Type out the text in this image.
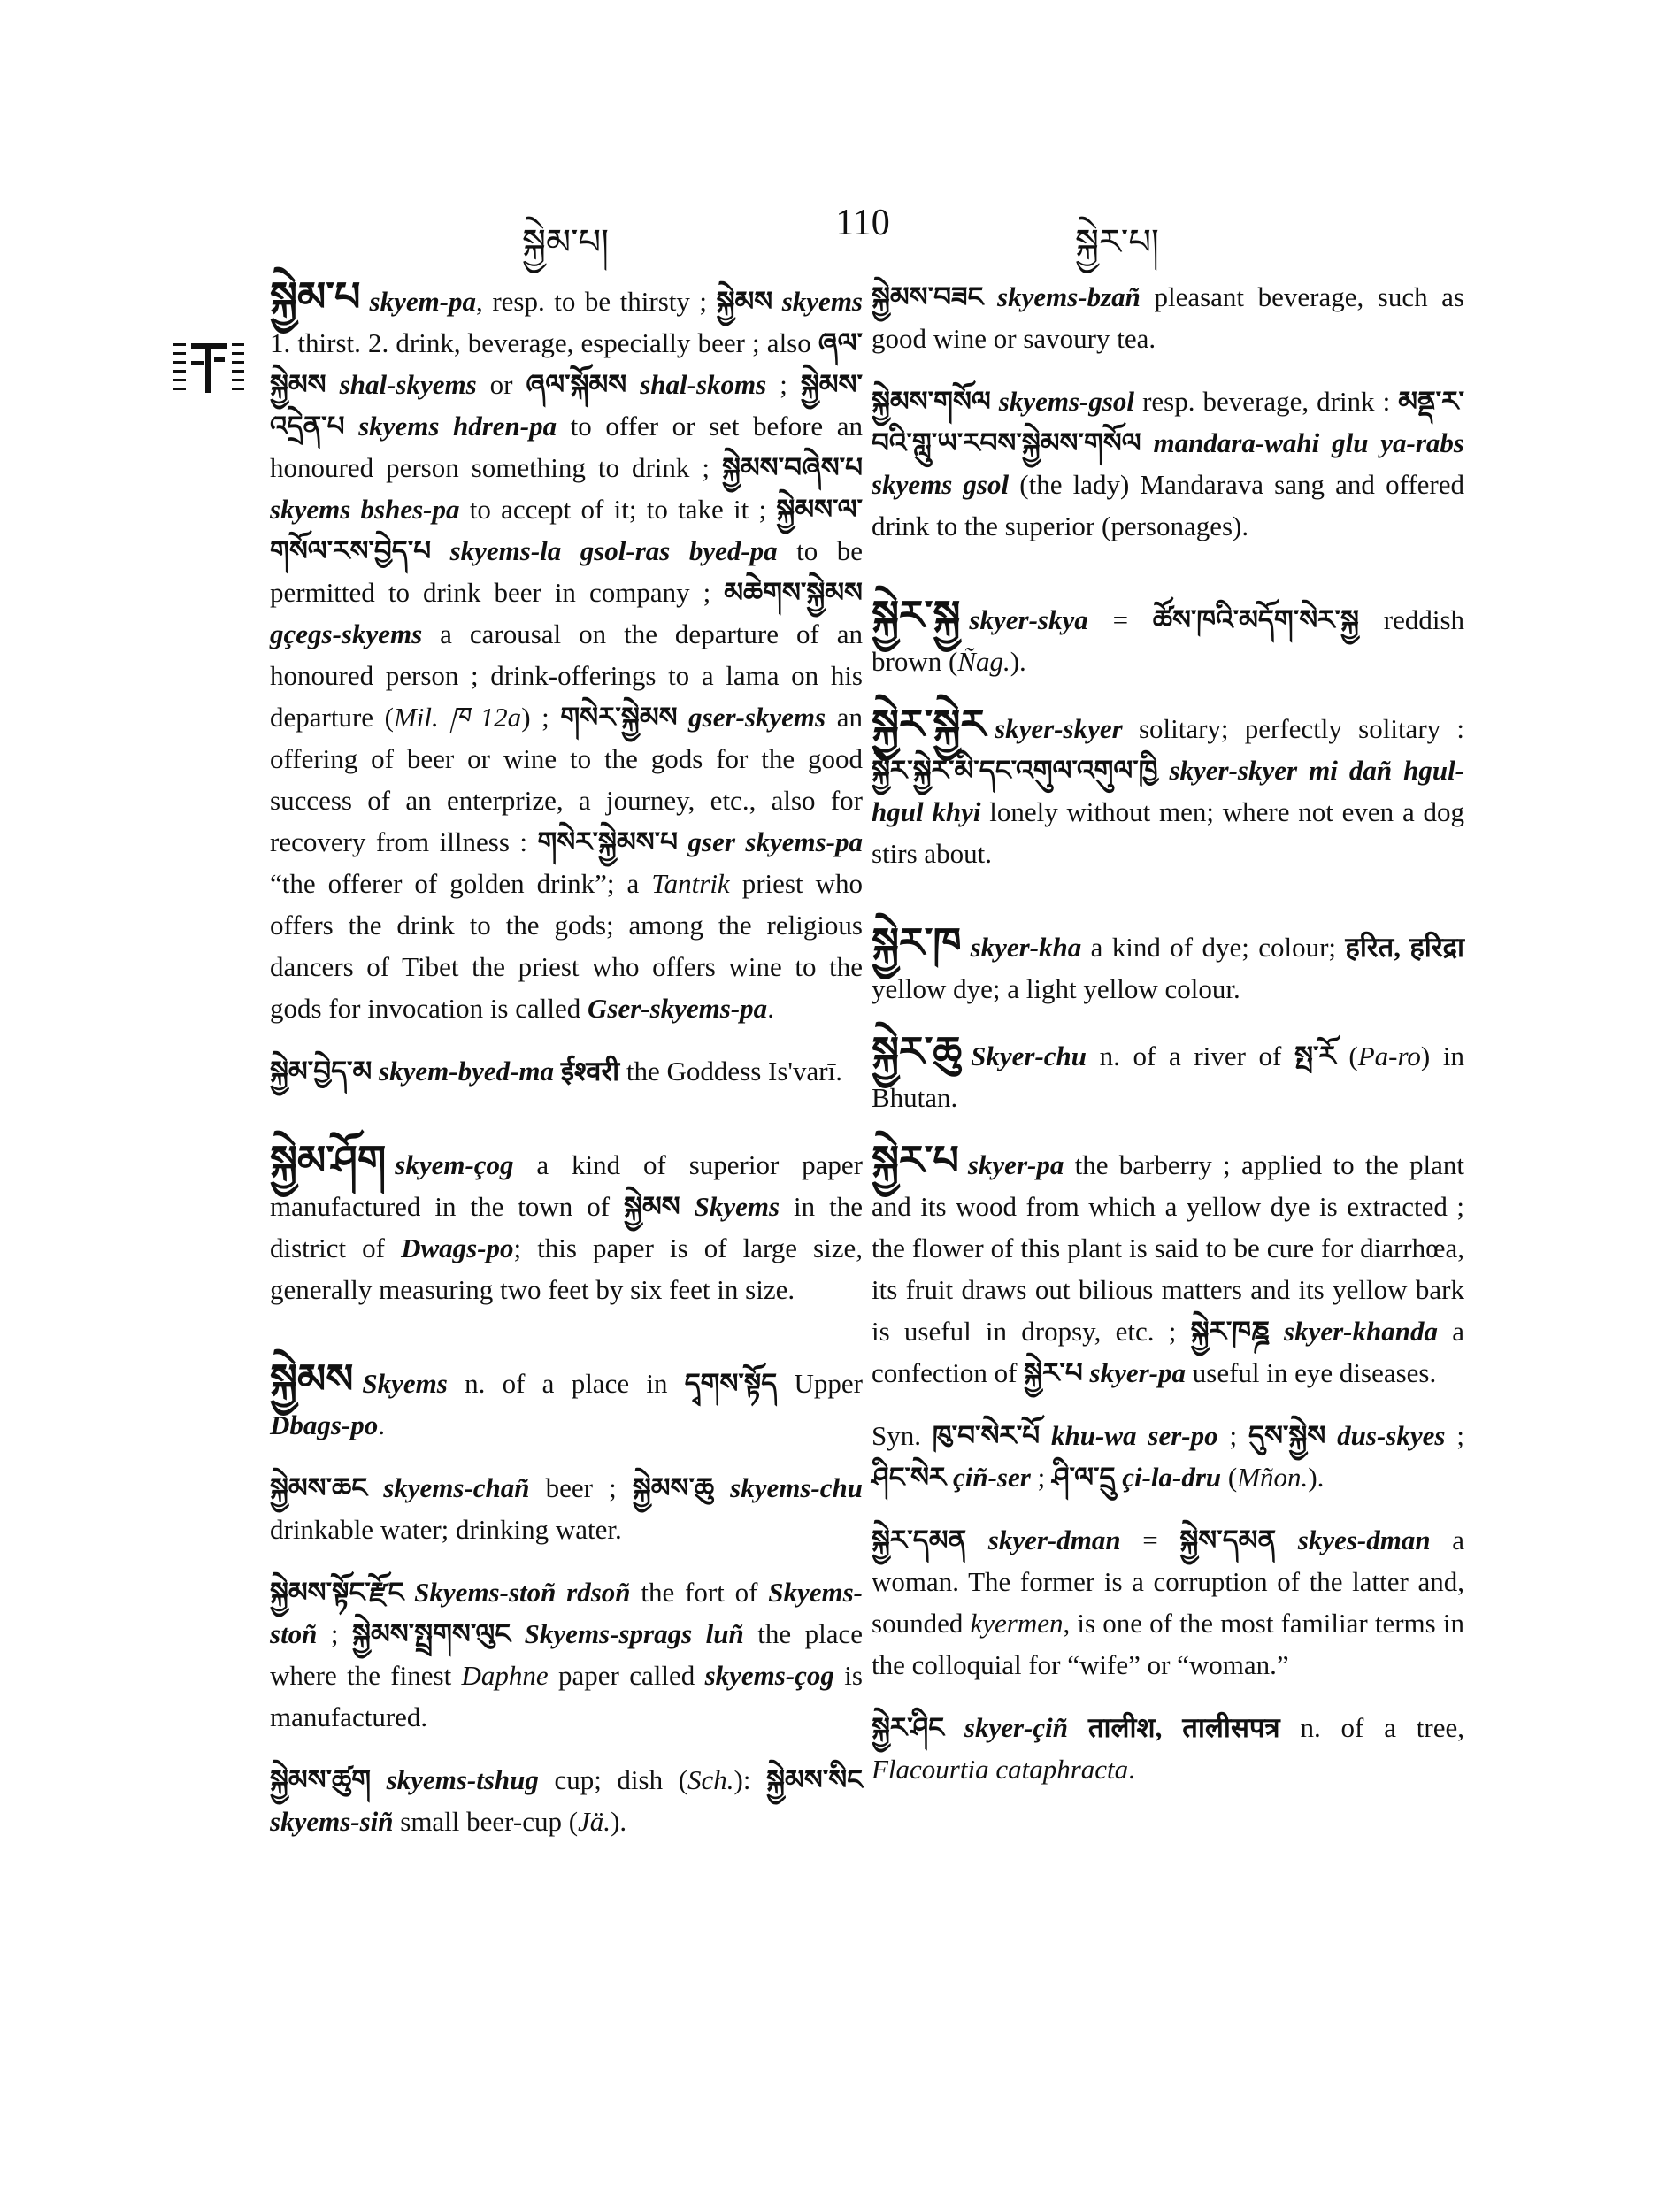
སྐྱེམ་པ།	110	སྐྱེར་པ།

སྐྱེམ་པ skyem-pa, resp. to be thirsty ; སྐྱེམས skyems 1. thirst. 2. drink, beverage, especially beer ; also ཞལ་སྐྱེམས shal-skyems or ཞལ་སྐོམས shal-skoms ; སྐྱེམས་འདྲེན་པ skyems hdren-pa to offer or set before an honoured person something to drink ; སྐྱེམས་བཞེས་པ skyems bshes-pa to accept of it; to take it ; སྐྱེམས་ལ་གསོལ་རས་བྱེད་པ skyems-la gsol-ras byed-pa to be permitted to drink beer in company ; མཆེགས་སྐྱེམས gçegs-skyems a carousal on the departure of an honoured person ; drink-offerings to a lama on his departure (Mil. ཁ 12a) ; གསེར་སྐྱེམས gser-skyems an offering of beer or wine to the gods for the good success of an enterprize, a journey, etc., also for recovery from illness : གསེར་སྐྱེམས་པ gser skyems-pa “the offerer of golden drink”; a Tantrik priest who offers the drink to the gods; among the religious dancers of Tibet the priest who offers wine to the gods for invocation is called Gser-skyems-pa.

སྐྱེམ་བྱེད་མ skyem-byed-ma ईश्वरी the Goddess Is'varī.

སྐྱེམ་ཤོག skyem-çog a kind of superior paper manufactured in the town of སྐྱེམས Skyems in the district of Dwags-po; this paper is of large size, generally measuring two feet by six feet in size.

སྐྱེམས Skyems n. of a place in དྭགས་སྟོད Upper Dbags-po.

སྐྱེམས་ཆང skyems-chañ beer ; སྐྱེམས་ཆུ skyems-chu drinkable water; drinking water.

སྐྱེམས་སྟོང་རྫོང Skyems-stoñ rdsoñ the fort of Skyems-stoñ ; སྐྱེམས་སྤྲགས་ལུང Skyems-sprags luñ the place where the finest Daphne paper called skyems-çog is manufactured.

སྐྱེམས་ཚུག skyems-tshug cup; dish (Sch.): སྐྱེམས་སིང skyems-siñ small beer-cup (Jä.).

སྐྱེམས་བཟང skyems-bzañ pleasant beverage, such as good wine or savoury tea.

སྐྱེམས་གསོལ skyems-gsol resp. beverage, drink : མནྡ་ར་བའི་གླུ་ཡ་རབས་སྐྱེམས་གསོལ mandara-wahi glu ya-rabs skyems gsol (the lady) Mandarava sang and offered drink to the superior (personages).

སྐྱེར་སྐྱ skyer-skya = ཚོས་ཁའི་མདོག་སེར་སྐྱ reddish brown (Ñag.).

སྐྱེར་སྐྱེར skyer-skyer solitary; perfectly solitary : སྐྱེར་སྐྱེར་མི་དང་འགུལ་འགུལ་ཁྱི skyer-skyer mi dañ hgul-hgul khyi lonely without men; where not even a dog stirs about.

སྐྱེར་ཁ skyer-kha a kind of dye; colour; हरित, हरिद्रा yellow dye; a light yellow colour.

སྐྱེར་ཆུ Skyer-chu n. of a river of སྤ་རོ (Pa-ro) in Bhutan.

སྐྱེར་པ skyer-pa the barberry ; applied to the plant and its wood from which a yellow dye is extracted ; the flower of this plant is said to be cure for diarrhœa, its fruit draws out bilious matters and its yellow bark is useful in dropsy, etc. ; སྐྱེར་ཁཎྜ skyer-khanda a confection of སྐྱེར་པ skyer-pa useful in eye diseases.

Syn. ཁུ་བ་སེར་པོ khu-wa ser-po ; དུས་སྐྱེས dus-skyes ; ཤིང་སེར çiñ-ser ; ཤི་ལ་དྲུ çi-la-dru (Mñon.).

སྐྱེར་དམན skyer-dman = སྐྱེས་དམན skyes-dman a woman. The former is a corruption of the latter and, sounded kyermen, is one of the most familiar terms in the colloquial for “wife” or “woman.”

སྐྱེར་ཤིང skyer-çiñ तालीश, तालीसपत्र n. of a tree, Flacourtia cataphracta.
